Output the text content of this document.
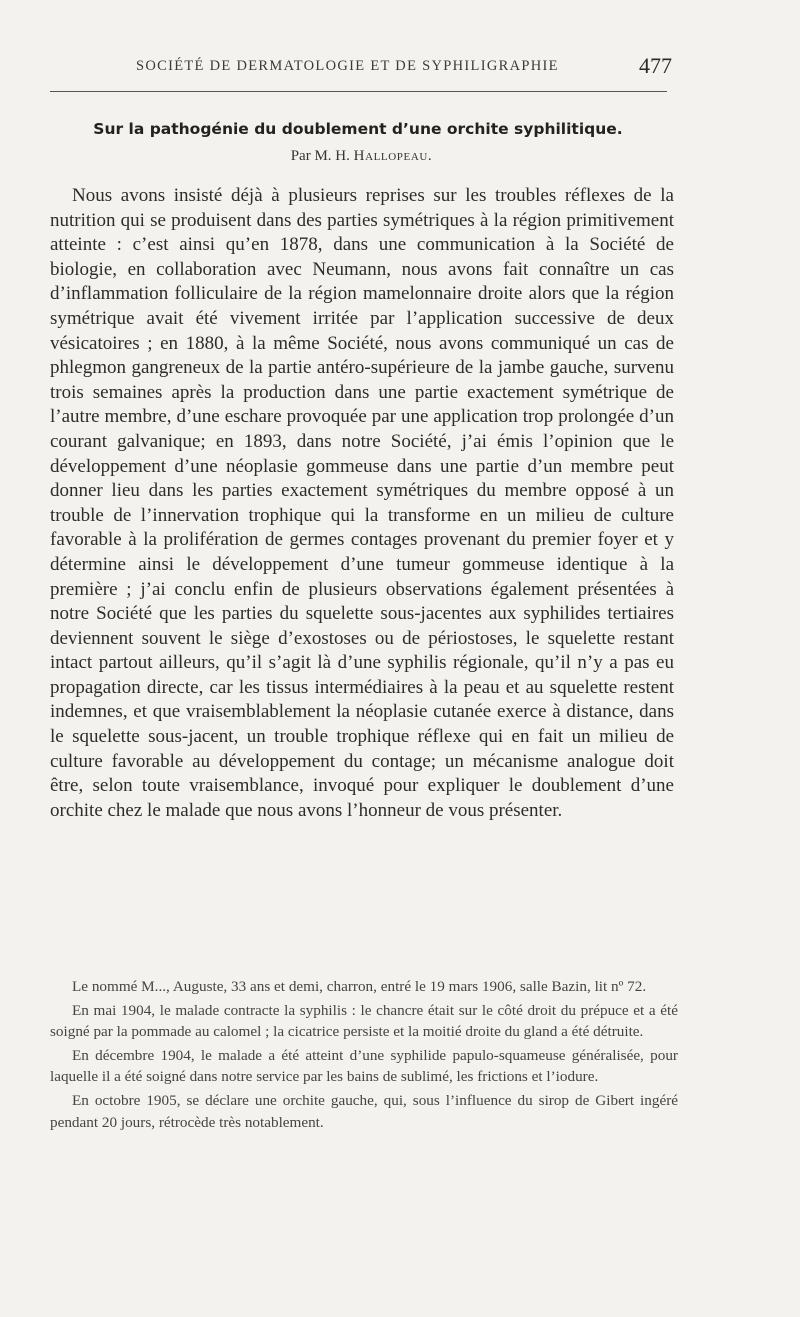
SOCIÉTÉ DE DERMATOLOGIE ET DE SYPHILIGRAPHIE	477
Sur la pathogénie du doublement d’une orchite syphilitique.
Par M. H. Hallopeau.

Nous avons insisté déjà à plusieurs reprises sur les troubles réflexes de la nutrition qui se produisent dans des parties symétriques à la région primitivement atteinte : c’est ainsi qu’en 1878, dans une communication à la Société de biologie, en collaboration avec Neumann, nous avons fait connaître un cas d’inflammation folliculaire de la région mamelonnaire droite alors que la région symétrique avait été vivement irritée par l’application successive de deux vésicatoires ; en 1880, à la même Société, nous avons communiqué un cas de phlegmon gangreneux de la partie antéro-supérieure de la jambe gauche, survenu trois semaines après la production dans une partie exactement symétrique de l’autre membre, d’une eschare provoquée par une application trop prolongée d’un courant galvanique; en 1893, dans notre Société, j’ai émis l’opinion que le développement d’une néoplasie gommeuse dans une partie d’un membre peut donner lieu dans les parties exactement symétriques du membre opposé à un trouble de l’innervation trophique qui la transforme en un milieu de culture favorable à la prolifération de germes contages provenant du premier foyer et y détermine ainsi le développement d’une tumeur gommeuse identique à la première ; j’ai conclu enfin de plusieurs observations également présentées à notre Société que les parties du squelette sous-jacentes aux syphilides tertiaires deviennent souvent le siège d’exostoses ou de périostoses, le squelette restant intact partout ailleurs, qu’il s’agit là d’une syphilis régionale, qu’il n’y a pas eu propagation directe, car les tissus intermédiaires à la peau et au squelette restent indemnes, et que vraisemblablement la néoplasie cutanée exerce à distance, dans le squelette sous-jacent, un trouble trophique réflexe qui en fait un milieu de culture favorable au développement du contage; un mécanisme analogue doit être, selon toute vraisemblance, invoqué pour expliquer le doublement d’une orchite chez le malade que nous avons l’honneur de vous présenter.

Le nommé M..., Auguste, 33 ans et demi, charron, entré le 19 mars 1906, salle Bazin, lit nº 72.

En mai 1904, le malade contracte la syphilis : le chancre était sur le côté droit du prépuce et a été soigné par la pommade au calomel ; la cicatrice persiste et la moitié droite du gland a été détruite.

En décembre 1904, le malade a été atteint d’une syphilide papulo-squameuse généralisée, pour laquelle il a été soigné dans notre service par les bains de sublimé, les frictions et l’iodure.

En octobre 1905, se déclare une orchite gauche, qui, sous l’influence du sirop de Gibert ingéré pendant 20 jours, rétrocède très notablement.
